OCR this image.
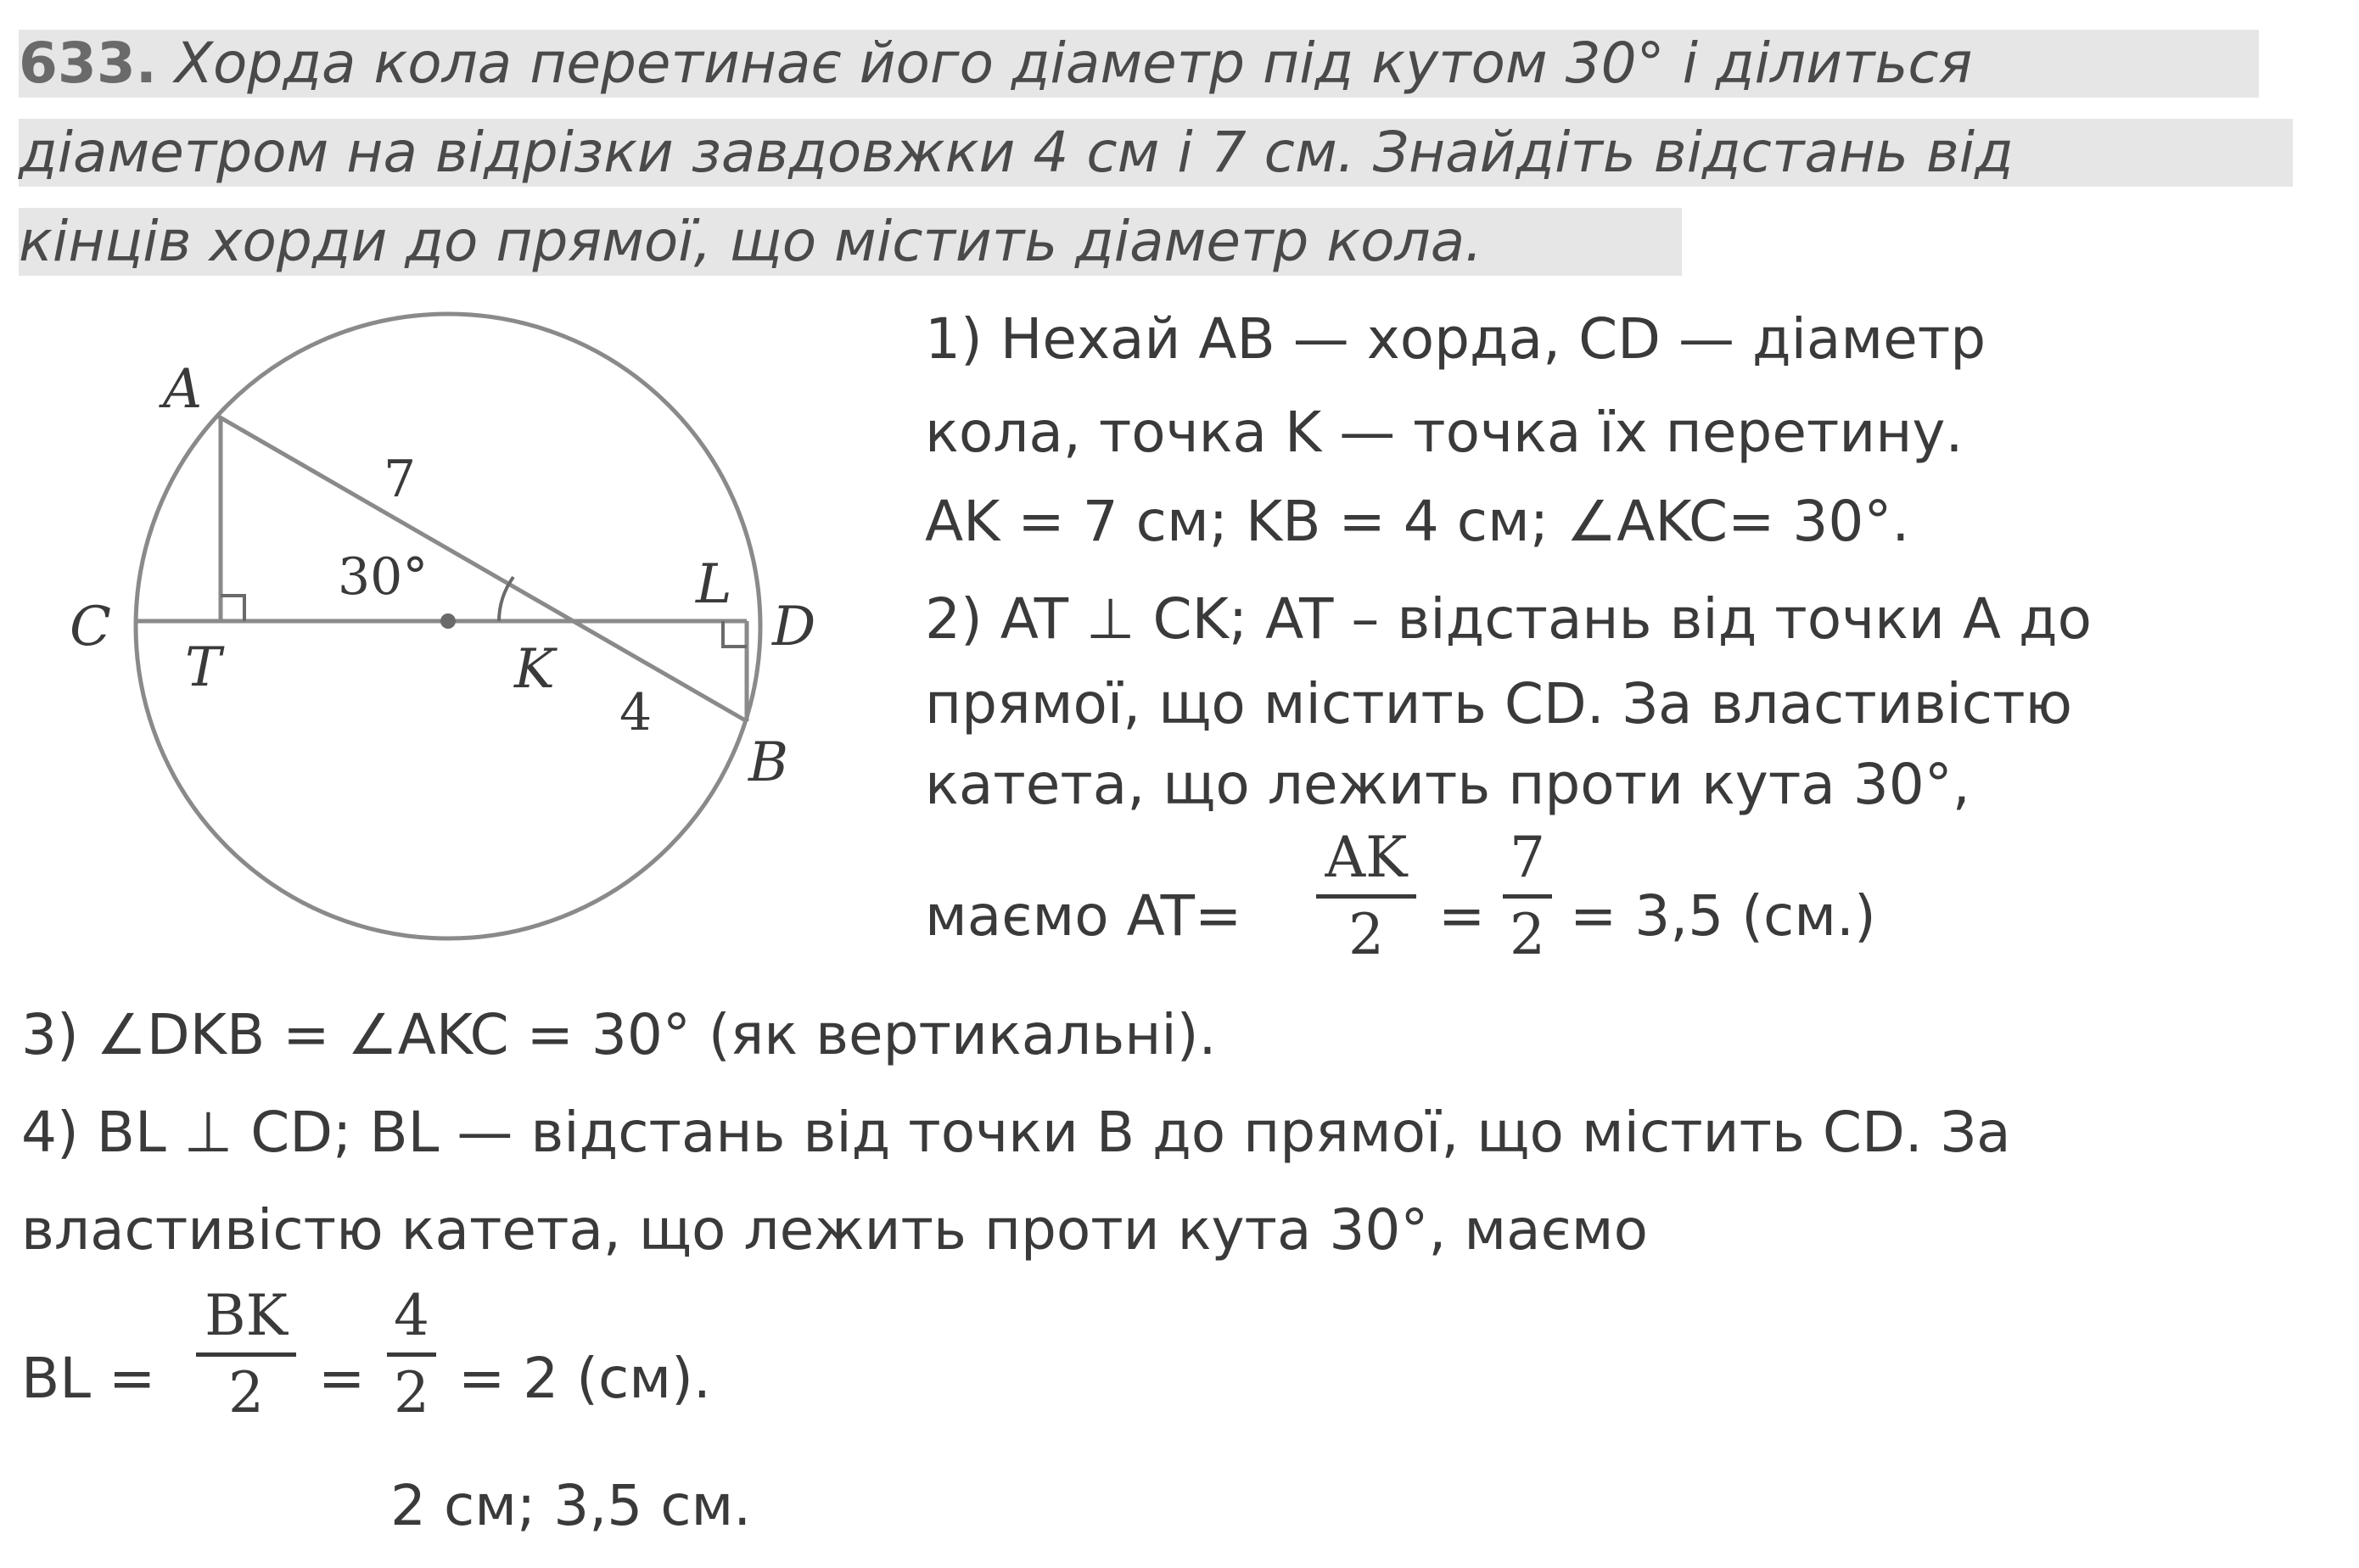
633. Хорда кола перетинає його діаметр під кутом 30° і ділиться
діаметром на відрізки завдовжки 4 см і 7 см. Знайдіть відстань від
кінців хорди до прямої, що містить діаметр кола.
A
C
T	K
L
D
B
7
4
30°
1) Нехай AB — хорда, CD — діаметр
кола, точка K — точка їх перетину.
AK = 7 см; KB = 4 см; ∠AKC= 30°.
2) AT ⊥ CK; AT – відстань від точки A до
прямої, що містить CD. За властивістю
катета, що лежить проти кута 30°,
маємо AT=
AK
2 =
7
2 = 3,5 (см.)
3) ∠DKB = ∠AKC = 30° (як вертикальні).
4) BL ⊥ CD; BL — відстань від точки B до прямої, що містить CD. За
властивістю катета, що лежить проти кута 30°, маємо
BL =
BK
2 =
4
2 = 2 (см).
2 см; 3,5 см.
